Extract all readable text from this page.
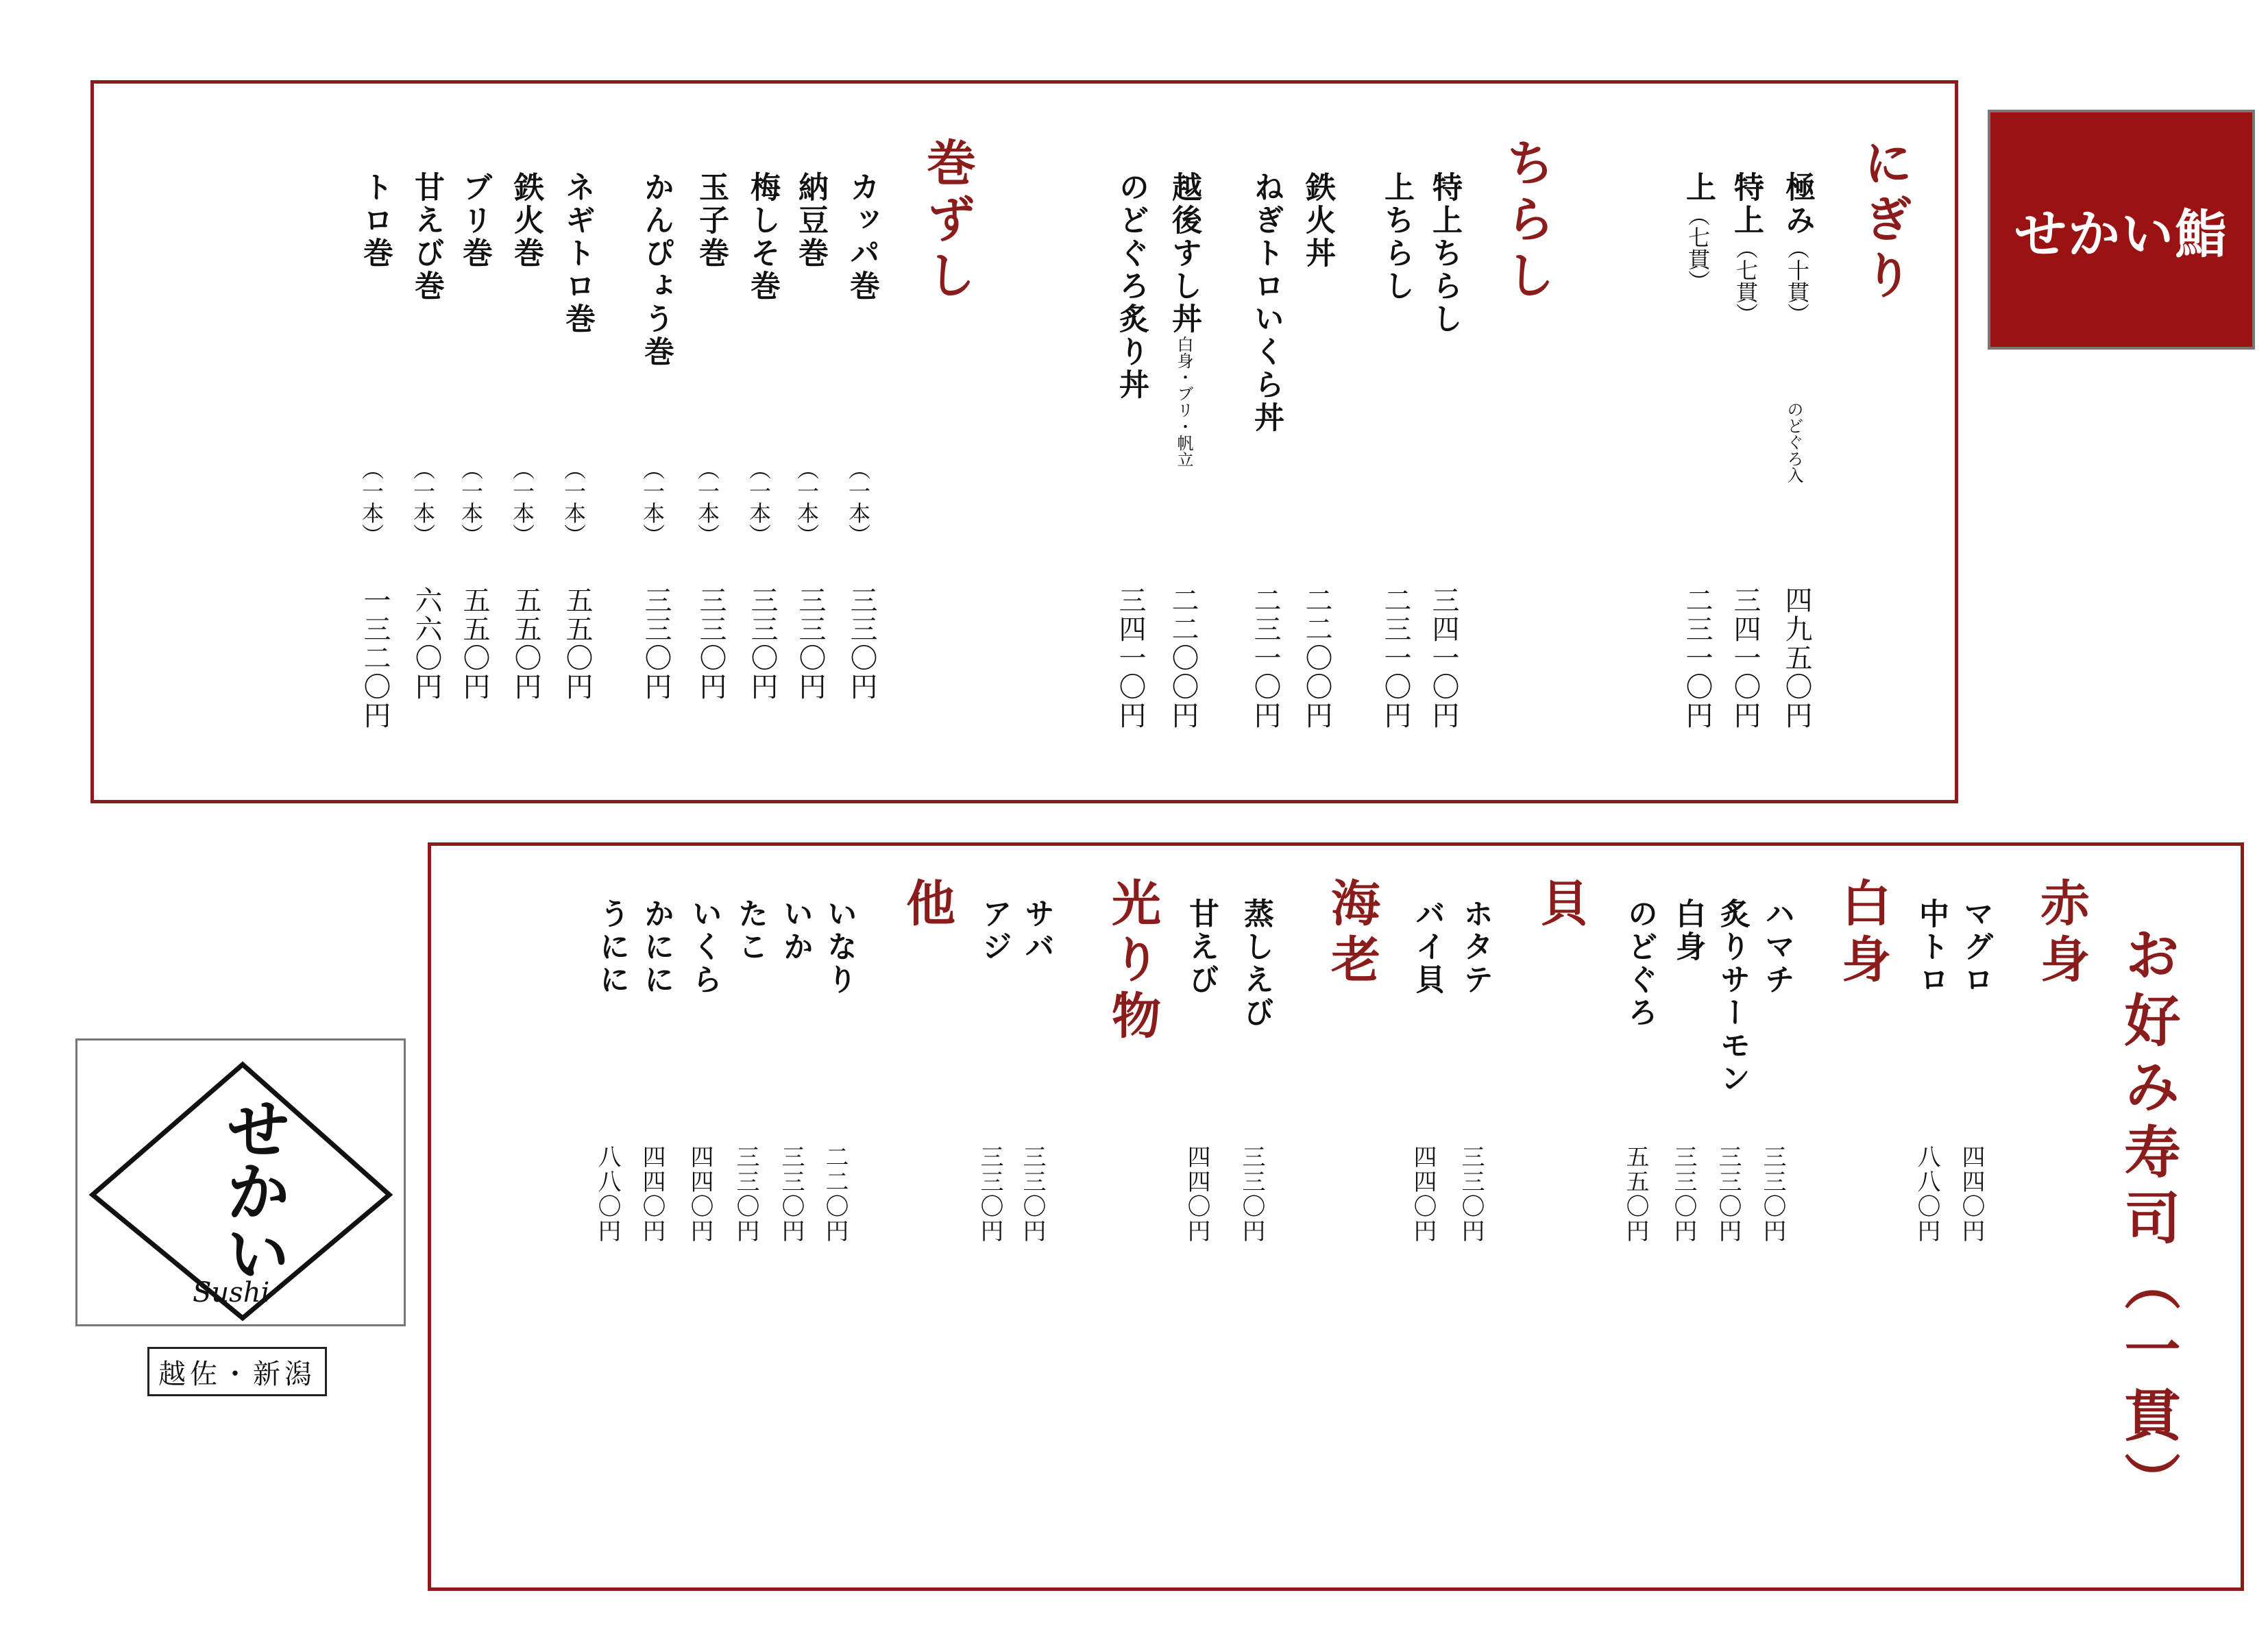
にぎり
極み（十貫）
のどぐろ入
四九五〇円
特上（七貫）
三四一〇円
上（七貫）
二三一〇円
ちらし
特上ちらし
三四一〇円
上ちらし
二三一〇円
鉄火丼
二二〇〇円
ねぎトロいくら丼
二三一〇円
越後すし丼白身・ブリ・帆立
二二〇〇円
のどぐろ炙り丼
三四一〇円
巻ずし
カッパ巻
（一本）
三三〇円
納豆巻
（一本）
三三〇円
梅しそ巻
（一本）
三三〇円
玉子巻
（一本）
三三〇円
かんぴょう巻
（一本）
三三〇円
ネギトロ巻
（一本）
五五〇円
鉄火巻
（一本）
五五〇円
ブリ巻
（一本）
五五〇円
甘えび巻
（一本）
六六〇円
トロ巻
（一本）
一三二〇円
せかい鮨
せかい
Sushi
越佐・新潟	お好み寿司（一貫）
赤身
マグロ
四四〇円
中トロ
八八〇円
白身
ハマチ
三三〇円
炙りサーモン
三三〇円
白身
三三〇円
のどぐろ
五五〇円
貝
ホタテ
三三〇円
バイ貝
四四〇円
海老
蒸しえび
三三〇円
甘えび
四四〇円
光り物
サバ
三三〇円
アジ
三三〇円
他
いなり
二二〇円
いか
三三〇円
たこ
三三〇円
いくら
四四〇円
かにに
四四〇円
うにに
八八〇円
